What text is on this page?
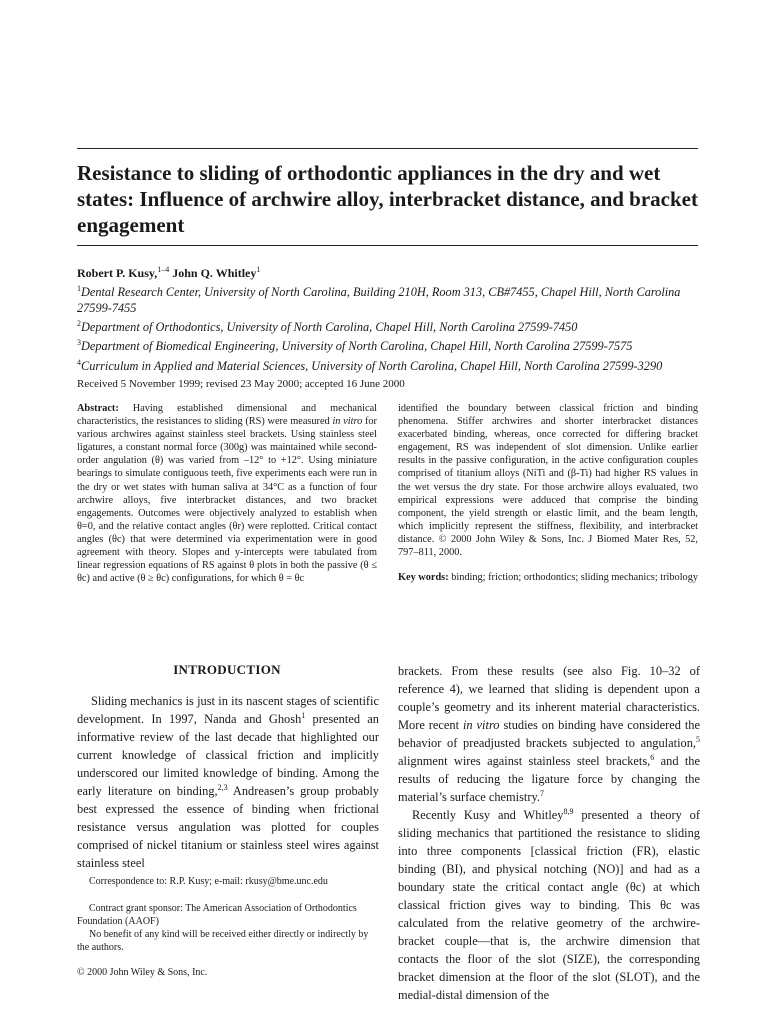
Resistance to sliding of orthodontic appliances in the dry and wet states: Influence of archwire alloy, interbracket distance, and bracket engagement
Robert P. Kusy,$^{1-4}$ John Q. Whitley$^1$
$^1$Dental Research Center, University of North Carolina, Building 210H, Room 313, CB#7455, Chapel Hill, North Carolina 27599-7455
$^2$Department of Orthodontics, University of North Carolina, Chapel Hill, North Carolina 27599-7450
$^3$Department of Biomedical Engineering, University of North Carolina, Chapel Hill, North Carolina 27599-7575
$^4$Curriculum in Applied and Material Sciences, University of North Carolina, Chapel Hill, North Carolina 27599-3290
Received 5 November 1999; revised 23 May 2000; accepted 16 June 2000
Abstract: Having established dimensional and mechanical characteristics, the resistances to sliding (RS) were measured in vitro for various archwires against stainless steel brackets. Using stainless steel ligatures, a constant normal force (300g) was maintained while second-order angulation (θ) was varied from –12° to +12°. Using miniature bearings to simulate contiguous teeth, five experiments each were run in the dry or wet states with human saliva at 34°C as a function of four archwire alloys, five interbracket distances, and two bracket engagements. Outcomes were objectively analyzed to establish when θ=0, and the relative contact angles (θr) were replotted. Critical contact angles (θc) that were determined via experimentation were in good agreement with theory. Slopes and y-intercepts were tabulated from linear regression equations of RS against θ plots in both the passive (θ ≤ θc) and active (θ ≥ θc) configurations, for which θ = θc
identified the boundary between classical friction and binding phenomena. Stiffer archwires and shorter interbracket distances exacerbated binding, whereas, once corrected for differing bracket engagement, RS was independent of slot dimension. Unlike earlier results in the passive configuration, in the active configuration couples comprised of titanium alloys (NiTi and (β-Ti) had higher RS values in the wet versus the dry state. For those archwire alloys evaluated, two empirical expressions were adduced that comprise the binding component, the yield strength or elastic limit, and the beam length, which implicitly represent the stiffness, flexibility, and interbracket distance. © 2000 John Wiley & Sons, Inc. J Biomed Mater Res, 52, 797–811, 2000.
Key words: binding; friction; orthodontics; sliding mechanics; tribology
INTRODUCTION

Sliding mechanics is just in its nascent stages of scientific development. In 1997, Nanda and Ghosh$^1$ presented an informative review of the last decade that highlighted our current knowledge of classical friction and implicitly underscored our limited knowledge of binding. Among the early literature on binding,$^{2,3}$ Andreasen’s group probably best expressed the essence of binding when frictional resistance versus angulation was plotted for couples comprised of nickel titanium or stainless steel wires against stainless steel

brackets. From these results (see also Fig. 10–32 of reference 4), we learned that sliding is dependent upon a couple’s geometry and its inherent material characteristics. More recent in vitro studies on binding have considered the behavior of preadjusted brackets subjected to angulation,$^5$ alignment wires against stainless steel brackets,$^6$ and the results of reducing the ligature force by changing the material’s surface chemistry.$^7$

Recently Kusy and Whitley$^{8,9}$ presented a theory of sliding mechanics that partitioned the resistance to sliding into three components [classical friction (FR), elastic binding (BI), and physical notching (NO)] and had as a boundary state the critical contact angle (θc) at which classical friction gives way to binding. This θc was calculated from the relative geometry of the archwire-bracket couple—that is, the archwire dimension that contacts the floor of the slot (SIZE), the corresponding bracket dimension at the floor of the slot (SLOT), and the medial-distal dimension of the

Correspondence to: R.P. Kusy; e-mail: rkusy@bme.unc.edu
Contract grant sponsor: The American Association of Orthodontics Foundation (AAOF)
No benefit of any kind will be received either directly or indirectly by the authors.
© 2000 John Wiley & Sons, Inc.
